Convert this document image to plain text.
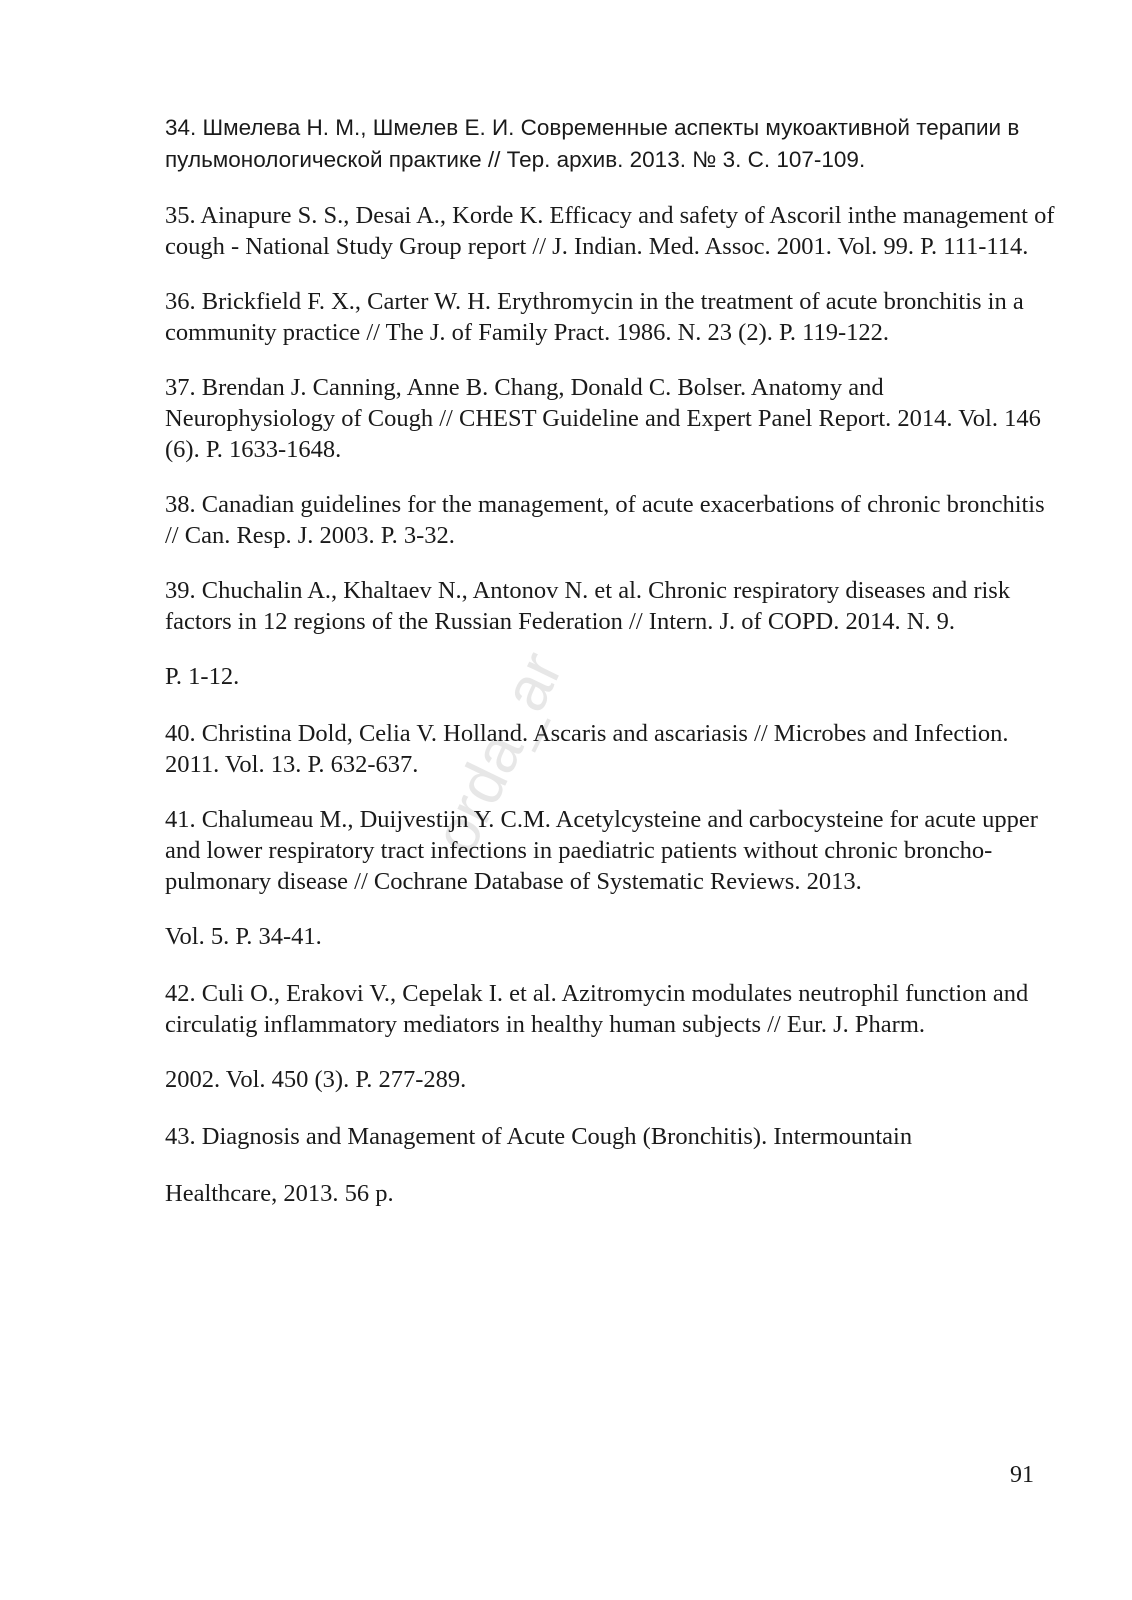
orda_ar

34. Шмелева Н. М., Шмелев Е. И. Современные аспекты мукоактивной терапии в пульмонологической практике // Тер. архив. 2013. № 3. С. 107-109.

35. Ainapure S. S., Desai A., Korde K. Efficacy and safety of Ascoril inthe management of cough - National Study Group report // J. Indian. Med. Assoc. 2001. Vol. 99. P. 111-114.

36. Brickfield F. X., Carter W. H. Erythromycin in the treatment of acute bronchitis in a community practice // The J. of Family Pract. 1986. N. 23 (2). P. 119-122.

37. Brendan J. Canning, Anne B. Chang, Donald C. Bolser. Anatomy and Neurophysiology of Cough // CHEST Guideline and Expert Panel Report. 2014. Vol. 146 (6). P. 1633-1648.

38. Canadian guidelines for the management, of acute exacerbations of chronic bronchitis // Can. Resp. J. 2003. P. 3-32.

39. Chuchalin A., Khaltaev N., Antonov N. et al. Chronic respiratory diseases and risk factors in 12 regions of the Russian Federation // Intern. J. of COPD. 2014. N. 9.

P. 1-12.

40. Christina Dold, Celia V. Holland. Ascaris and ascariasis // Microbes and Infection. 2011. Vol. 13. P. 632-637.

41. Chalumeau M., Duijvestijn Y. C.M. Acetylcysteine and carbocysteine for acute upper and lower respiratory tract infections in paediatric patients without chronic broncho-pulmonary disease // Cochrane Database of Systematic Reviews. 2013.

Vol. 5. P. 34-41.

42. Culi O., Erakovi V., Cepelak I. et al. Azitromycin modulates neutrophil function and circulatig inflammatory mediators in healthy human subjects // Eur. J. Pharm.

2002. Vol. 450 (3). P. 277-289.

43. Diagnosis and Management of Acute Cough (Bronchitis). Intermountain

Healthcare, 2013. 56 p.

91
